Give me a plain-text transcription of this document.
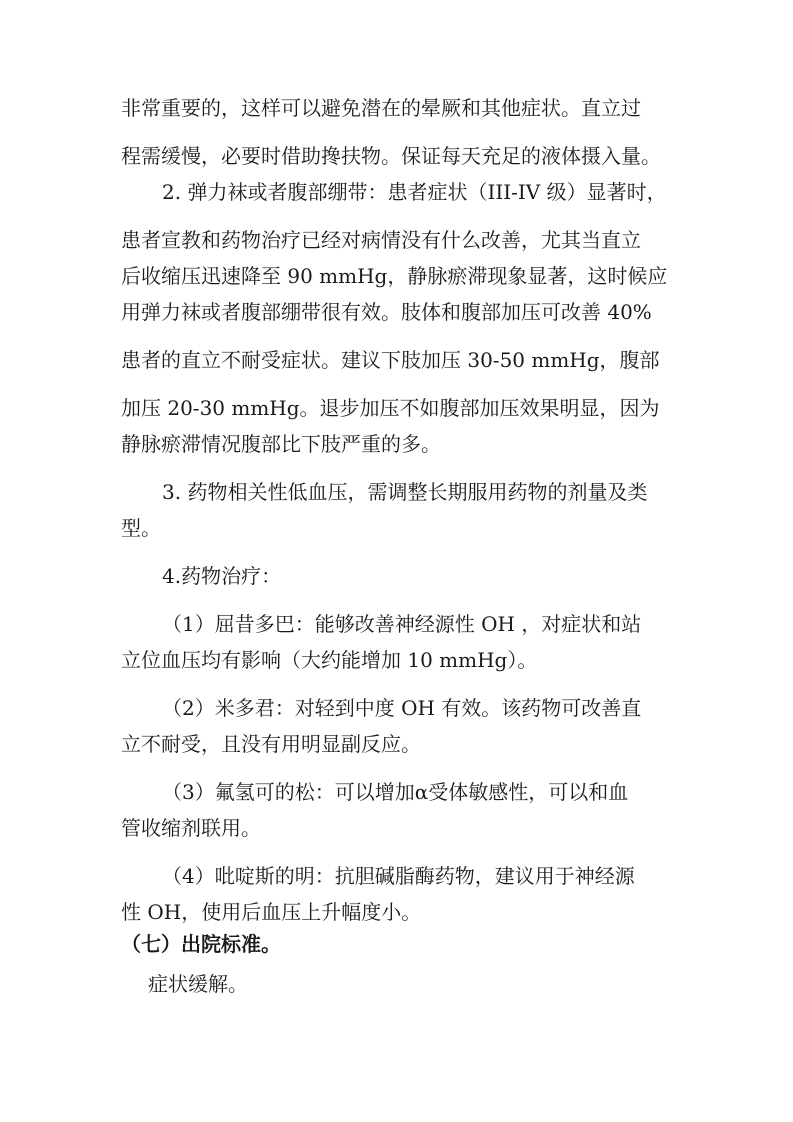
非常重要的，这样可以避免潜在的晕厥和其他症状。直立过
程需缓慢，必要时借助搀扶物。保证每天充足的液体摄入量。
2. 弹力袜或者腹部绷带：患者症状（III-IV 级）显著时，
患者宣教和药物治疗已经对病情没有什么改善，尤其当直立
后收缩压迅速降至 90 mmHg，静脉瘀滞现象显著，这时候应
用弹力袜或者腹部绷带很有效。肢体和腹部加压可改善 40%
患者的直立不耐受症状。建议下肢加压 30-50 mmHg，腹部
加压 20-30 mmHg。退步加压不如腹部加压效果明显，因为
静脉瘀滞情况腹部比下肢严重的多。
3. 药物相关性低血压，需调整长期服用药物的剂量及类
型。
4.药物治疗：
（1）屈昔多巴：能够改善神经源性 OH ，对症状和站
立位血压均有影响（大约能增加 10 mmHg）。
（2）米多君：对轻到中度 OH 有效。该药物可改善直
立不耐受，且没有用明显副反应。
（3）氟氢可的松：可以增加α受体敏感性，可以和血
管收缩剂联用。
（4）吡啶斯的明：抗胆碱脂酶药物，建议用于神经源
性 OH，使用后血压上升幅度小。
（七）出院标准。
症状缓解。
